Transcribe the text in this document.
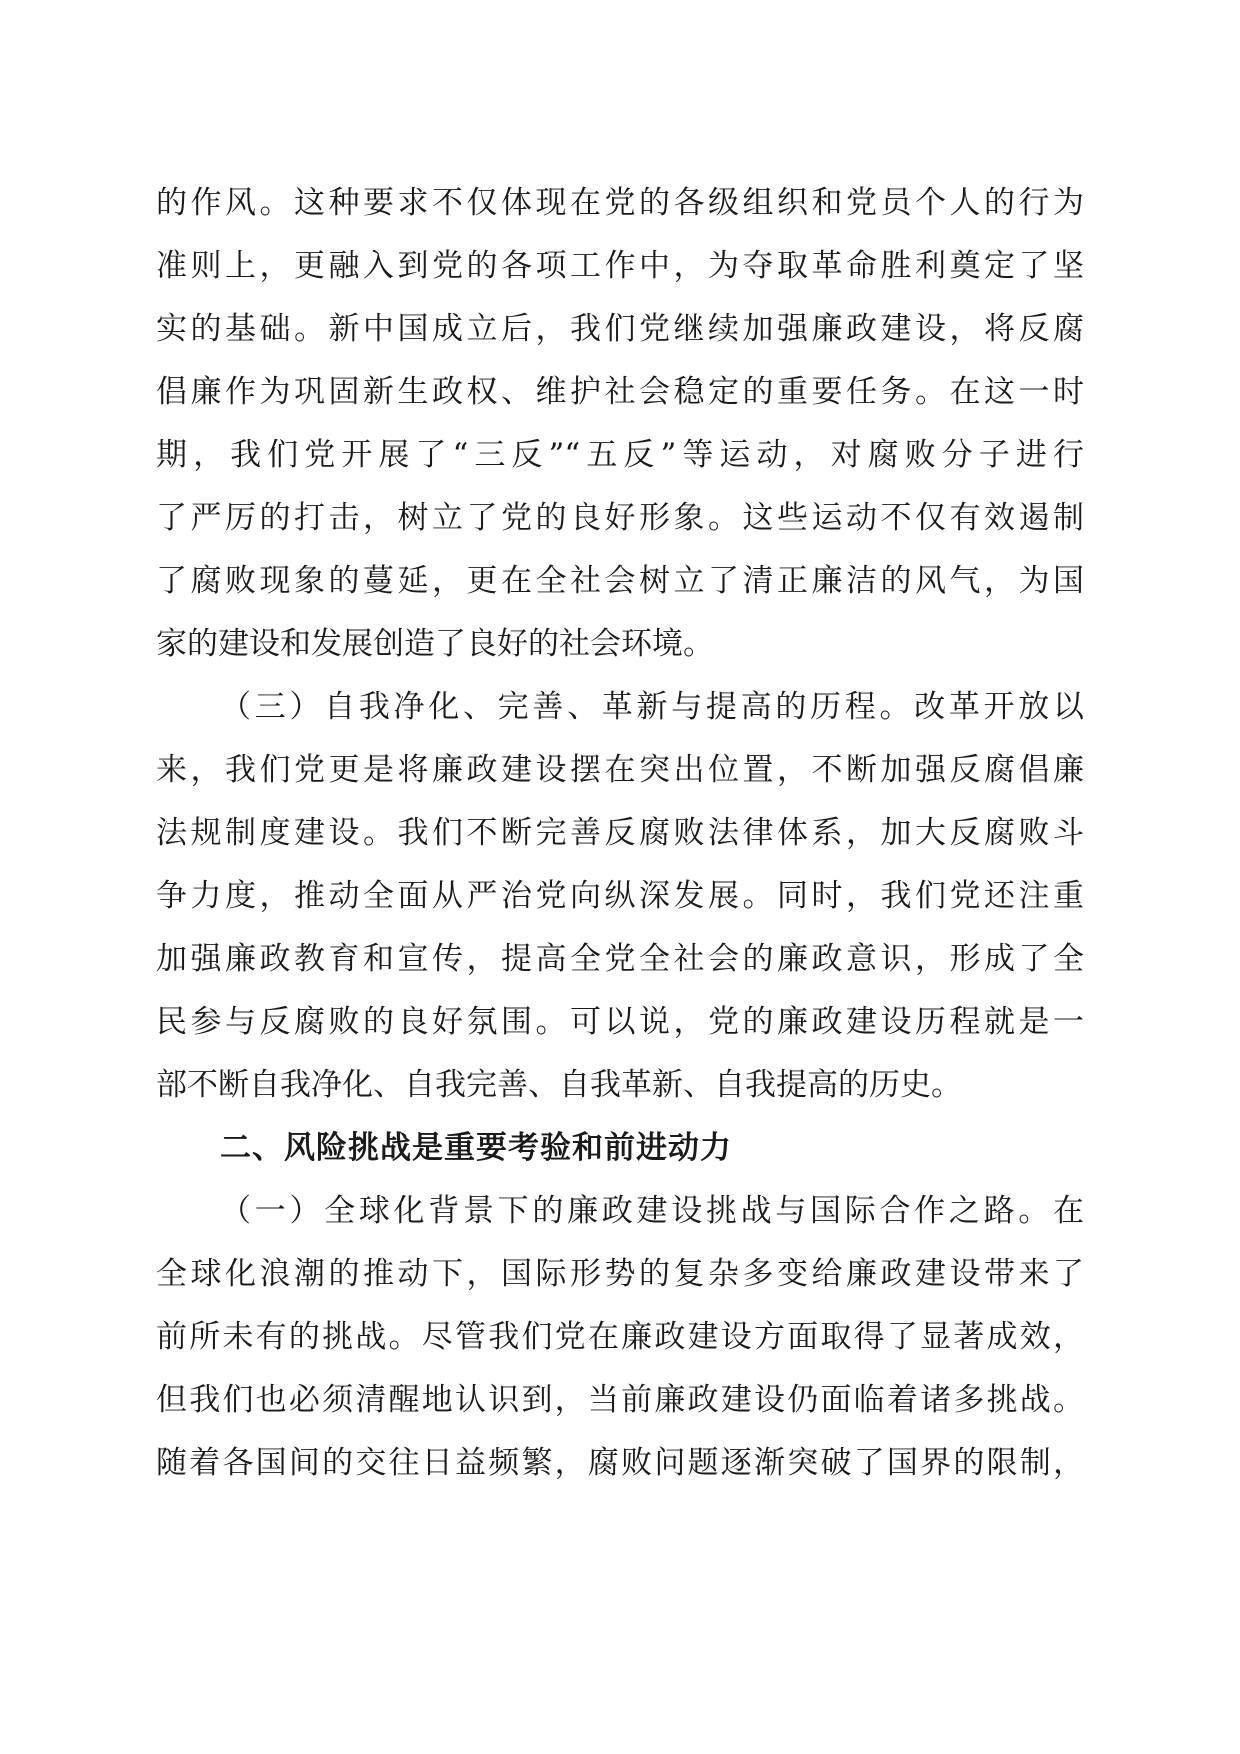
的作风。这种要求不仅体现在党的各级组织和党员个人的行为
准则上，更融入到党的各项工作中，为夺取革命胜利奠定了坚
实的基础。新中国成立后，我们党继续加强廉政建设，将反腐
倡廉作为巩固新生政权、维护社会稳定的重要任务。在这一时
期，我们党开展了“三反”“五反”等运动，对腐败分子进行
了严厉的打击，树立了党的良好形象。这些运动不仅有效遏制
了腐败现象的蔓延，更在全社会树立了清正廉洁的风气，为国
家的建设和发展创造了良好的社会环境。
（三）自我净化、完善、革新与提高的历程。改革开放以
来，我们党更是将廉政建设摆在突出位置，不断加强反腐倡廉
法规制度建设。我们不断完善反腐败法律体系，加大反腐败斗
争力度，推动全面从严治党向纵深发展。同时，我们党还注重
加强廉政教育和宣传，提高全党全社会的廉政意识，形成了全
民参与反腐败的良好氛围。可以说，党的廉政建设历程就是一
部不断自我净化、自我完善、自我革新、自我提高的历史。
二、风险挑战是重要考验和前进动力
（一）全球化背景下的廉政建设挑战与国际合作之路。在
全球化浪潮的推动下，国际形势的复杂多变给廉政建设带来了
前所未有的挑战。尽管我们党在廉政建设方面取得了显著成效，
但我们也必须清醒地认识到，当前廉政建设仍面临着诸多挑战。
随着各国间的交往日益频繁，腐败问题逐渐突破了国界的限制，
